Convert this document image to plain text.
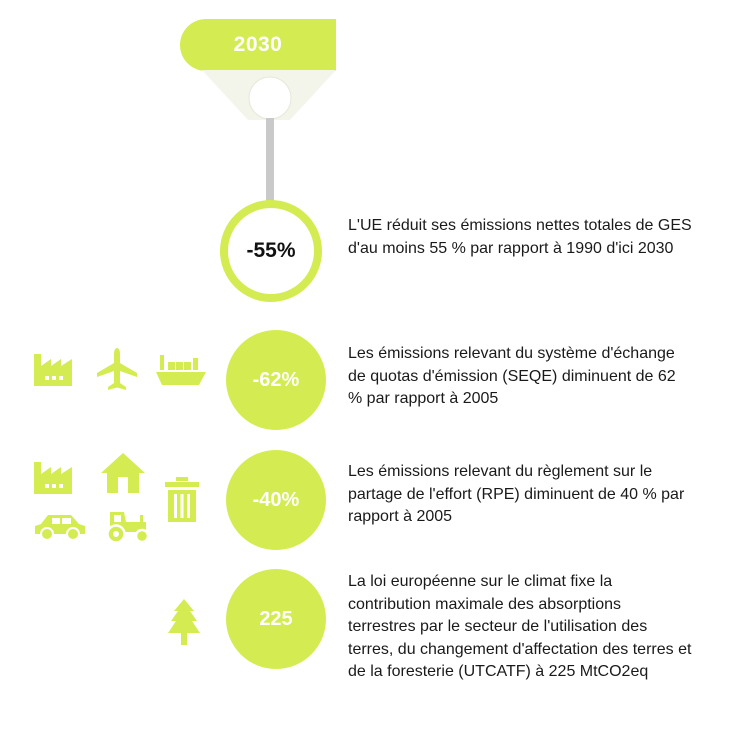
2030
-55%
L'UE réduit ses émissions nettes totales de GES d'au moins 55 % par rapport à 1990 d'ici 2030
-62%
Les émissions relevant du système d'échange de quotas d'émission (SEQE) diminuent de 62 % par rapport à 2005
-40%
Les émissions relevant du règlement sur le partage de l'effort (RPE) diminuent de 40 % par rapport à 2005
225
La loi européenne sur le climat fixe la contribution maximale des absorptions terrestres par le secteur de l'utilisation des terres, du changement d'affectation des terres et de la foresterie (UTCATF) à 225 MtCO2eq
